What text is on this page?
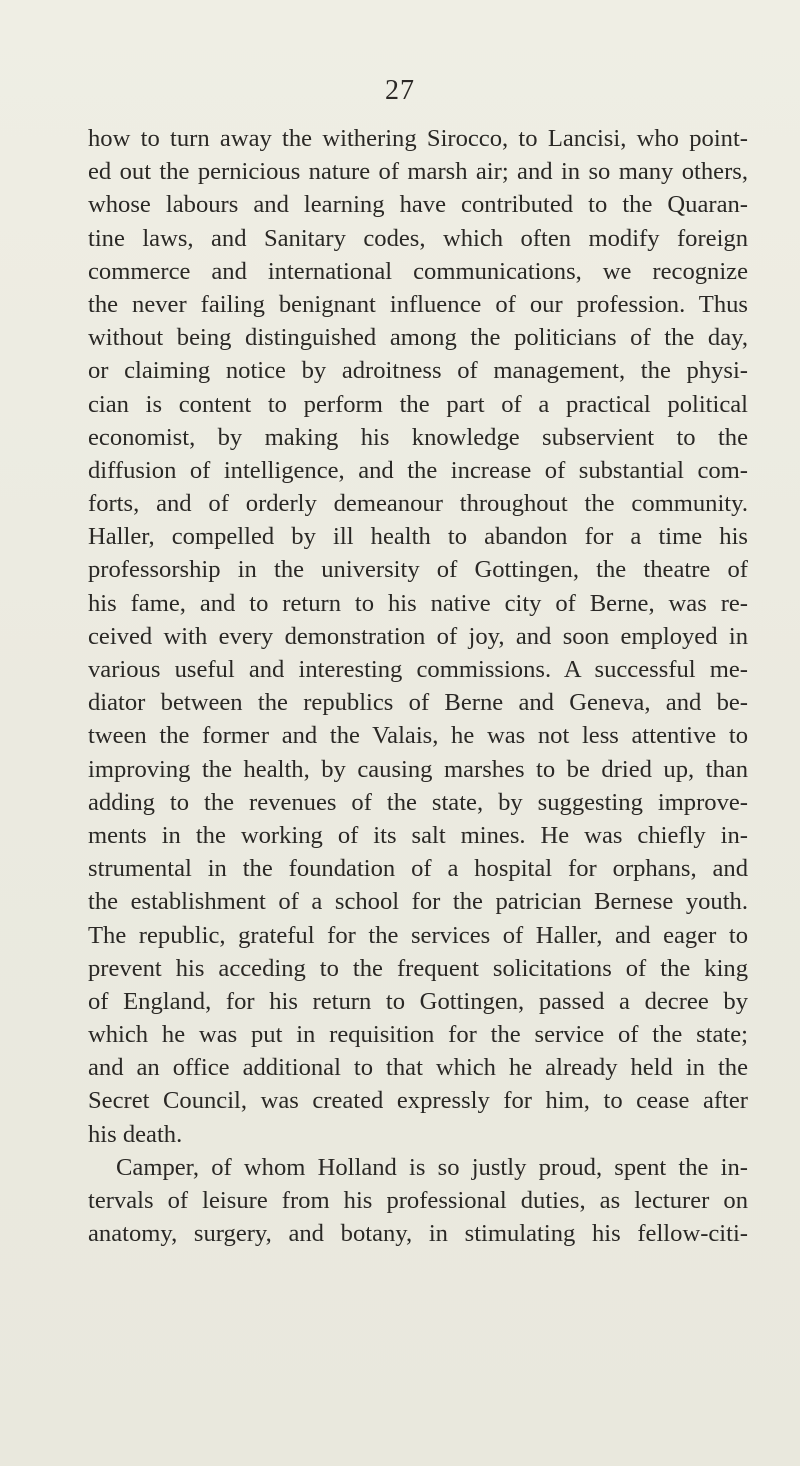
27
how to turn away the withering Sirocco, to Lancisi, who point-
ed out the pernicious nature of marsh air; and in so many others,
whose labours and learning have contributed to the Quaran-
tine laws, and Sanitary codes, which often modify foreign
commerce and international communications, we recognize
the never failing benignant influence of our profession. Thus
without being distinguished among the politicians of the day,
or claiming notice by adroitness of management, the physi-
cian is content to perform the part of a practical political
economist, by making his knowledge subservient to the
diffusion of intelligence, and the increase of substantial com-
forts, and of orderly demeanour throughout the community.
Haller, compelled by ill health to abandon for a time his
professorship in the university of Gottingen, the theatre of
his fame, and to return to his native city of Berne, was re-
ceived with every demonstration of joy, and soon employed in
various useful and interesting commissions. A successful me-
diator between the republics of Berne and Geneva, and be-
tween the former and the Valais, he was not less attentive to
improving the health, by causing marshes to be dried up, than
adding to the revenues of the state, by suggesting improve-
ments in the working of its salt mines. He was chiefly in-
strumental in the foundation of a hospital for orphans, and
the establishment of a school for the patrician Bernese youth.
The republic, grateful for the services of Haller, and eager to
prevent his acceding to the frequent solicitations of the king
of England, for his return to Gottingen, passed a decree by
which he was put in requisition for the service of the state;
and an office additional to that which he already held in the
Secret Council, was created expressly for him, to cease after
his death.
Camper, of whom Holland is so justly proud, spent the in-
tervals of leisure from his professional duties, as lecturer on
anatomy, surgery, and botany, in stimulating his fellow-citi-
